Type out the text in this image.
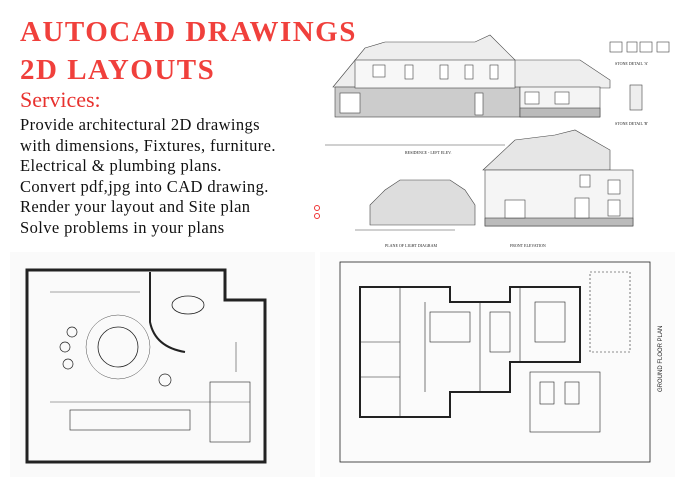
AUTOCAD DRAWINGS
2D LAYOUTS
Services:
Provide architectural 2D drawings
with dimensions, Fixtures, furniture.
Electrical & plumbing plans.
Convert pdf,jpg into CAD drawing.
Render your layout and Site plan
Solve problems in your plans
RESIDENCE - LEFT ELEV.
STONE DETAIL 'A'
STONE DETAIL 'B'
PLANE OF LIGHT DIAGRAM	FRONT ELEVATION
GROUND FLOOR PLAN
